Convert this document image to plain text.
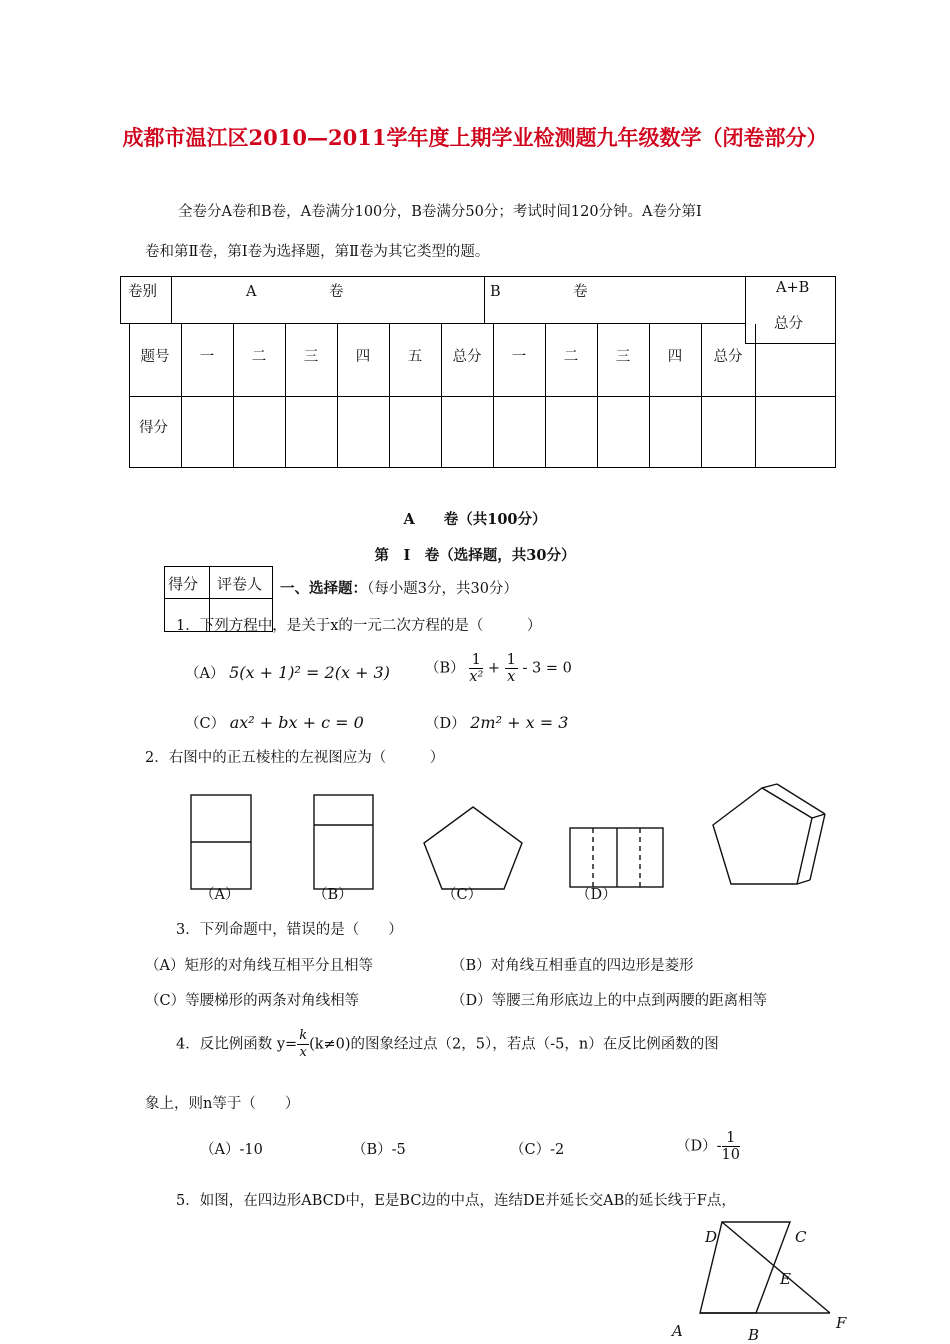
成都市温江区2010—2011学年度上期学业检测题九年级数学（闭卷部分）
全卷分A卷和B卷，A卷满分100分，B卷满分50分；考试时间120分钟。A卷分第Ⅰ
卷和第Ⅱ卷，第Ⅰ卷为选择题，第Ⅱ卷为其它类型的题。
卷别	A　　　　　卷	B　　　　　卷	A+B
总分
题号	一	二	三	四	五	总分	一	二	三	四	总分
得分
A　　卷（共100分）
第　Ⅰ　卷（选择题，共30分）
得分 评卷人 一、选择题：（每小题3分，共30分）
1．下列方程中，是关于x的一元二次方程的是（　　　）
（A） 5(x + 1)² = 2(x + 3) $(B) \frac{1}{\text{x²}} + \frac{1}{x} - 3 = 0$
（C） ax² + bx + c = 0	（D） 2m² + x = 3
2．右图中的正五棱柱的左视图应为（　　　）
（A）	（B）	（C）	（D）
3．下列命题中，错误的是（　　）
（A）矩形的对角线互相平分且相等	（B）对角线互相垂直的四边形是菱形
（C）等腰梯形的两条对角线相等	（D）等腰三角形底边上的中点到两腰的距离相等
4．反比例函数 $y= \frac{k}{x} (k\ne 0)$的图象经过点（2，5），若点（-5，n）在反比例函数的图
象上，则n等于（　　）
（A）-10	（B）-5	（C）-2	$(D)- \frac{1}{10}$
5．如图，在四边形ABCD中，E是BC边的中点，连结DE并延长交AB的延长线于F点，
D	C
E
A	B
F
